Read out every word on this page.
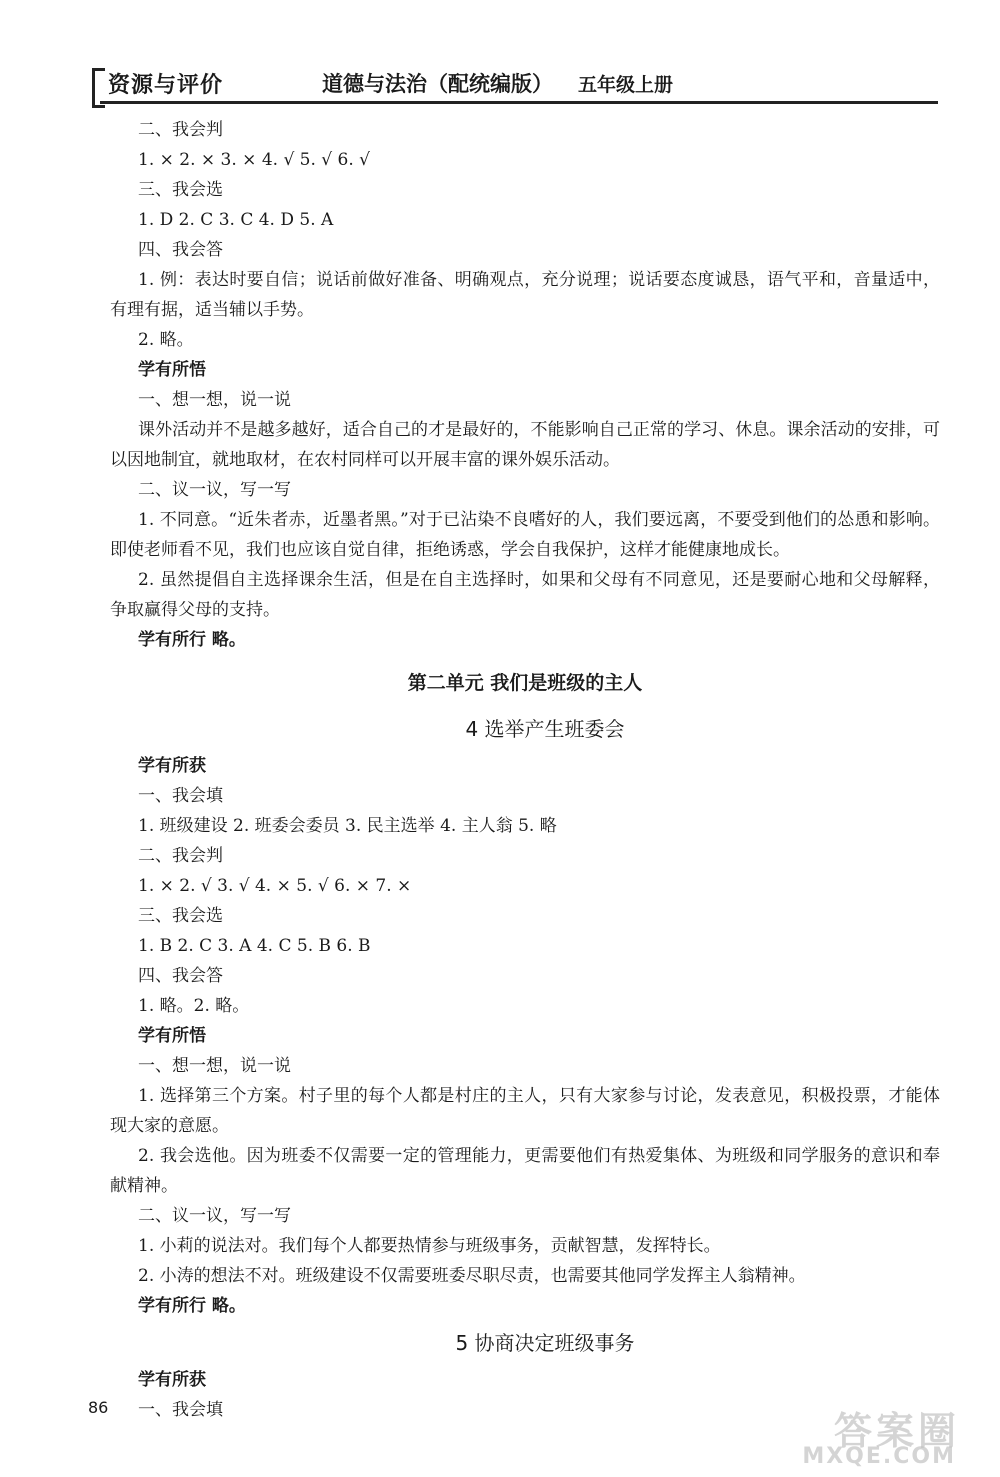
资源与评价	道德与法治（配统编版） 五年级上册
二、我会判
1. × 2. × 3. × 4. √ 5. √ 6. √
三、我会选
1. D 2. C 3. C 4. D 5. A
四、我会答
1. 例：表达时要自信；说话前做好准备、明确观点，充分说理；说话要态度诚恳，语气平和，音量适中，有理有据，适当辅以手势。
2. 略。
学有所悟
一、想一想，说一说
课外活动并不是越多越好，适合自己的才是最好的，不能影响自己正常的学习、休息。课余活动的安排，可以因地制宜，就地取材，在农村同样可以开展丰富的课外娱乐活动。
二、议一议，写一写
1. 不同意。“近朱者赤，近墨者黑。”对于已沾染不良嗜好的人，我们要远离，不要受到他们的怂恿和影响。即使老师看不见，我们也应该自觉自律，拒绝诱惑，学会自我保护，这样才能健康地成长。
2. 虽然提倡自主选择课余生活，但是在自主选择时，如果和父母有不同意见，还是要耐心地和父母解释，争取赢得父母的支持。
学有所行 略。
第二单元 我们是班级的主人
4 选举产生班委会
学有所获
一、我会填
1. 班级建设 2. 班委会委员 3. 民主选举 4. 主人翁 5. 略
二、我会判
1. × 2. √ 3. √ 4. × 5. √ 6. × 7. ×
三、我会选
1. B 2. C 3. A 4. C 5. B 6. B
四、我会答
1. 略。2. 略。
学有所悟
一、想一想，说一说
1. 选择第三个方案。村子里的每个人都是村庄的主人，只有大家参与讨论，发表意见，积极投票，才能体现大家的意愿。
2. 我会选他。因为班委不仅需要一定的管理能力，更需要他们有热爱集体、为班级和同学服务的意识和奉献精神。
二、议一议，写一写
1. 小莉的说法对。我们每个人都要热情参与班级事务，贡献智慧，发挥特长。
2. 小涛的想法不对。班级建设不仅需要班委尽职尽责，也需要其他同学发挥主人翁精神。
学有所行 略。
5 协商决定班级事务
学有所获
一、我会填
86
答案圈
MXQE.COM
